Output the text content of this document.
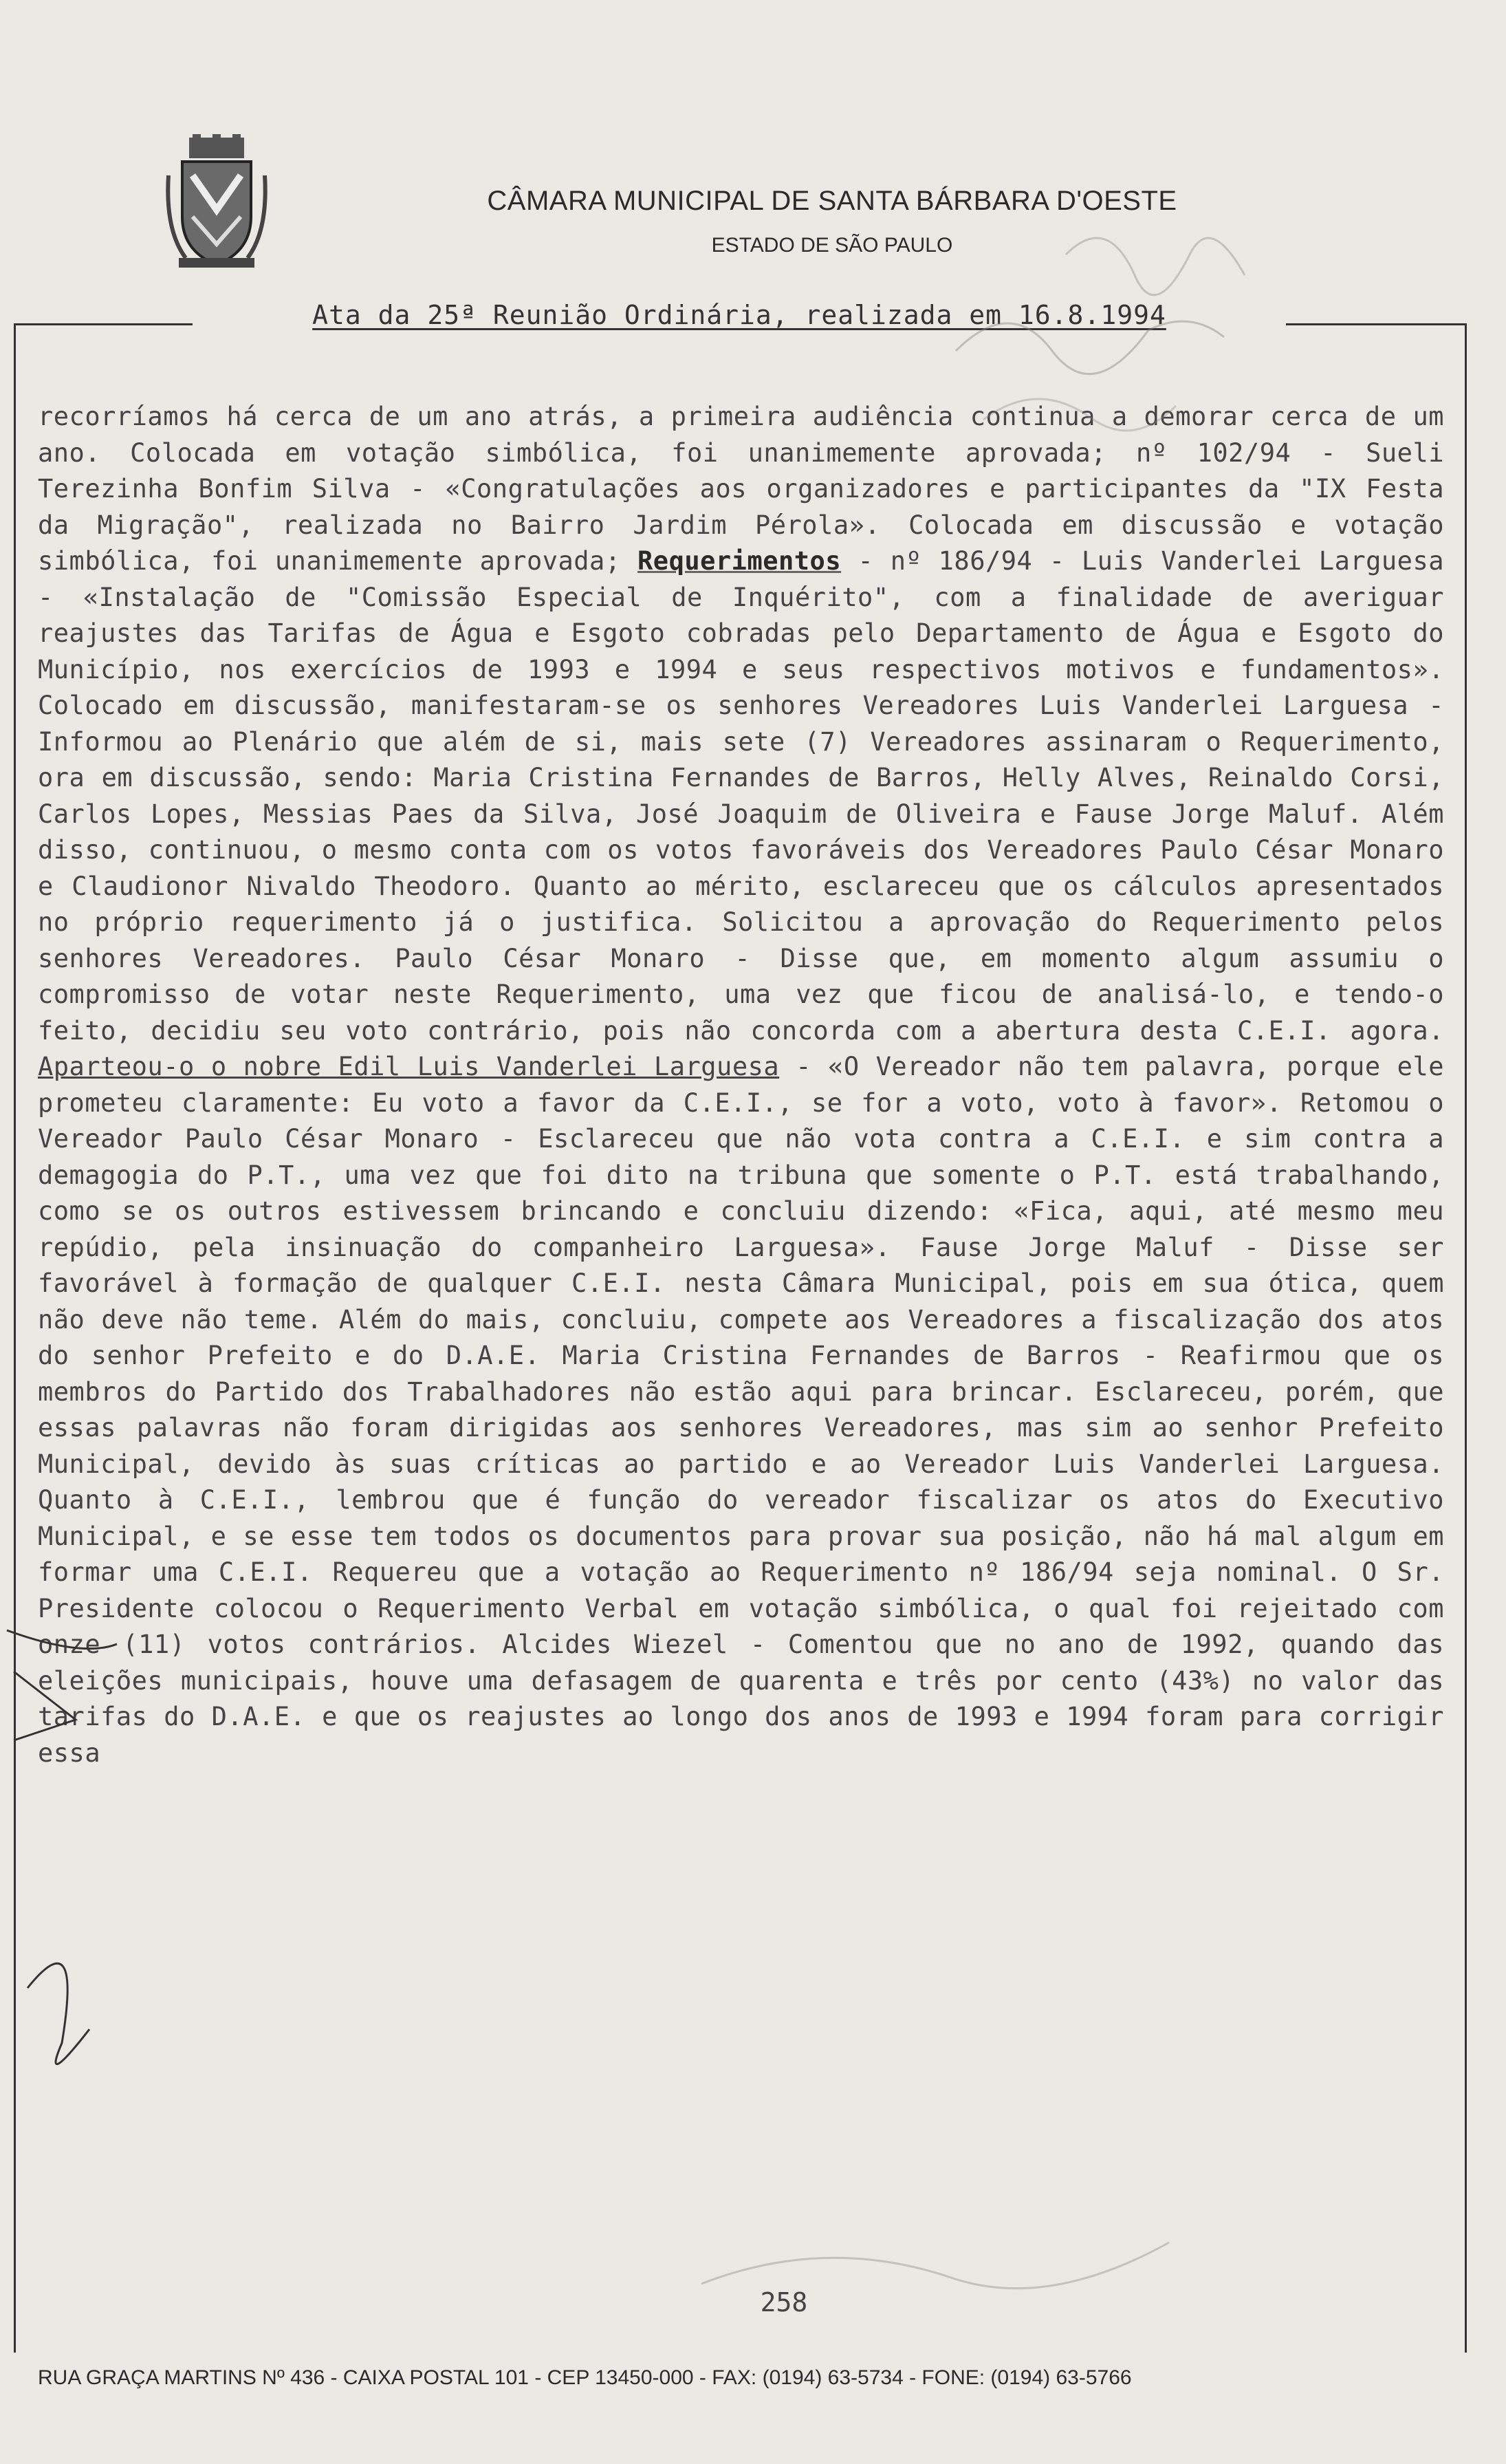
CÂMARA MUNICIPAL DE SANTA BÁRBARA D'OESTE
ESTADO DE SÃO PAULO
Ata da 25ª Reunião Ordinária, realizada em 16.8.1994
recorríamos há cerca de um ano atrás, a primeira audiência continua a demorar cerca de um ano. Colocada em votação simbólica, foi unanimemente aprovada; nº 102/94 - Sueli Terezinha Bonfim Silva - «Congratulações aos organizadores e participantes da "IX Festa da Migração", realizada no Bairro Jardim Pérola». Colocada em discussão e votação simbólica, foi unanimemente aprovada; Requerimentos - nº 186/94 - Luis Vanderlei Larguesa - «Instalação de "Comissão Especial de Inquérito", com a finalidade de averiguar reajustes das Tarifas de Água e Esgoto cobradas pelo Departamento de Água e Esgoto do Município, nos exercícios de 1993 e 1994 e seus respectivos motivos e fundamentos». Colocado em discussão, manifestaram-se os senhores Vereadores Luis Vanderlei Larguesa - Informou ao Plenário que além de si, mais sete (7) Vereadores assinaram o Requerimento, ora em discussão, sendo: Maria Cristina Fernandes de Barros, Helly Alves, Reinaldo Corsi, Carlos Lopes, Messias Paes da Silva, José Joaquim de Oliveira e Fause Jorge Maluf. Além disso, continuou, o mesmo conta com os votos favoráveis dos Vereadores Paulo César Monaro e Claudionor Nivaldo Theodoro. Quanto ao mérito, esclareceu que os cálculos apresentados no próprio requerimento já o justifica. Solicitou a aprovação do Requerimento pelos senhores Vereadores. Paulo César Monaro - Disse que, em momento algum assumiu o compromisso de votar neste Requerimento, uma vez que ficou de analisá-lo, e tendo-o feito, decidiu seu voto contrário, pois não concorda com a abertura desta C.E.I. agora. Aparteou-o o nobre Edil Luis Vanderlei Larguesa - «O Vereador não tem palavra, porque ele prometeu claramente: Eu voto a favor da C.E.I., se for a voto, voto à favor». Retomou o Vereador Paulo César Monaro - Esclareceu que não vota contra a C.E.I. e sim contra a demagogia do P.T., uma vez que foi dito na tribuna que somente o P.T. está trabalhando, como se os outros estivessem brincando e concluiu dizendo: «Fica, aqui, até mesmo meu repúdio, pela insinuação do companheiro Larguesa». Fause Jorge Maluf - Disse ser favorável à formação de qualquer C.E.I. nesta Câmara Municipal, pois em sua ótica, quem não deve não teme. Além do mais, concluiu, compete aos Vereadores a fiscalização dos atos do senhor Prefeito e do D.A.E. Maria Cristina Fernandes de Barros - Reafirmou que os membros do Partido dos Trabalhadores não estão aqui para brincar. Esclareceu, porém, que essas palavras não foram dirigidas aos senhores Vereadores, mas sim ao senhor Prefeito Municipal, devido às suas críticas ao partido e ao Vereador Luis Vanderlei Larguesa. Quanto à C.E.I., lembrou que é função do vereador fiscalizar os atos do Executivo Municipal, e se esse tem todos os documentos para provar sua posição, não há mal algum em formar uma C.E.I. Requereu que a votação ao Requerimento nº 186/94 seja nominal. O Sr. Presidente colocou o Requerimento Verbal em votação simbólica, o qual foi rejeitado com onze (11) votos contrários. Alcides Wiezel - Comentou que no ano de 1992, quando das eleições municipais, houve uma defasagem de quarenta e três por cento (43%) no valor das tarifas do D.A.E. e que os reajustes ao longo dos anos de 1993 e 1994 foram para corrigir essa
258
RUA GRAÇA MARTINS Nº 436 - CAIXA POSTAL 101 - CEP 13450-000 - FAX: (0194) 63-5734 - FONE: (0194) 63-5766
